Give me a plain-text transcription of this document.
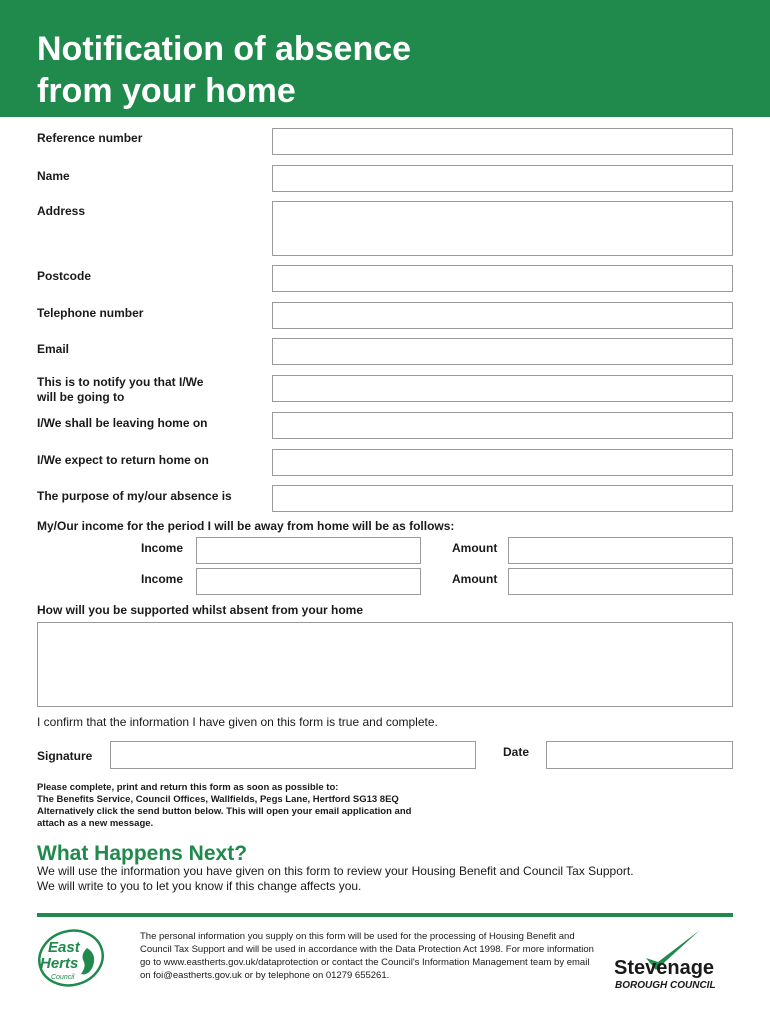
Notification of absence
from your home
Reference number
Name
Address
Postcode
Telephone number
Email
This is to notify you that I/We
will be going to
I/We shall be leaving home on
I/We expect to return home on
The purpose of my/our absence is
My/Our income for the period I will be away from home will be as follows:
Income	Amount
Income	Amount
How will you be supported whilst absent from your home
I confirm that the information I have given on this form is true and complete.
Signature	Date
Please complete, print and return this form as soon as possible to:
The Benefits Service, Council Offices, Wallfields, Pegs Lane, Hertford SG13 8EQ
Alternatively click the send button below. This will open your email application and
attach as a new message.
What Happens Next?
We will use the information you have given on this form to review your Housing Benefit and Council Tax Support.
We will write to you to let you know if this change affects you.
East
Herts
Council
The personal information you supply on this form will be used for the processing of Housing Benefit and Council Tax Support and will be used in accordance with the Data Protection Act 1998. For more information go to www.eastherts.gov.uk/dataprotection or contact the Council's Information Management team by email on foi@eastherts.gov.uk or by telephone on 01279 655261.	Stevenage
BOROUGH COUNCIL
